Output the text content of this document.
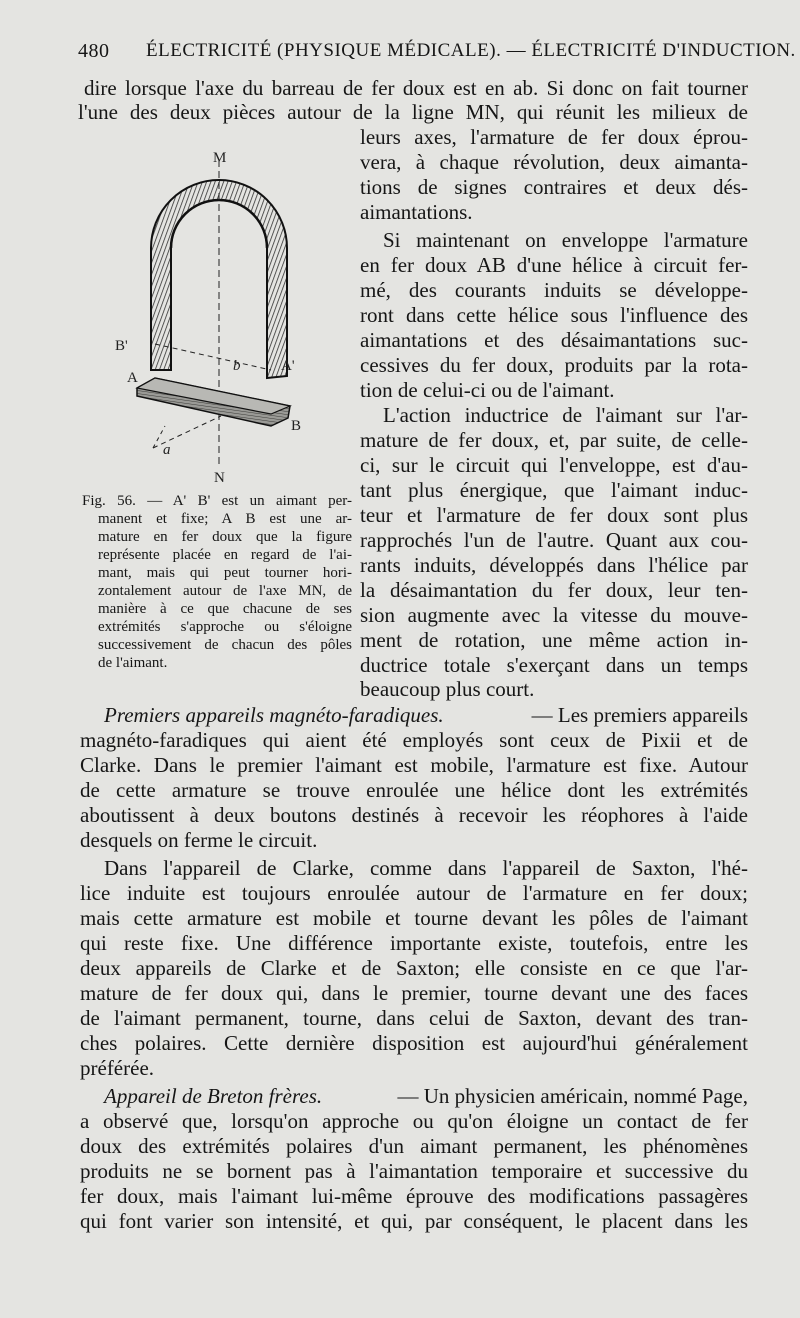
480 ÉLECTRICITÉ (PHYSIQUE MÉDICALE). — ÉLECTRICITÉ D'INDUCTION.
dire lorsque l'axe du barreau de fer doux est en ab. Si donc on fait tourner
l'une des deux pièces autour de la ligne MN, qui réunit les milieux de
leurs axes, l'armature de fer doux éprou-
vera, à chaque révolution, deux aimanta-
tions de signes contraires et deux dés-
aimantations.
Si maintenant on enveloppe l'armature
en fer doux AB d'une hélice à circuit fer-
mé, des courants induits se développe-
ront dans cette hélice sous l'influence des
aimantations et des désaimantations suc-
cessives du fer doux, produits par la rota-
tion de celui-ci ou de l'aimant.
L'action inductrice de l'aimant sur l'ar-
mature de fer doux, et, par suite, de celle-
ci, sur le circuit qui l'enveloppe, est d'au-
tant plus énergique, que l'aimant induc-
teur et l'armature de fer doux sont plus
rapprochés l'un de l'autre. Quant aux cou-
rants induits, développés dans l'hélice par
la désaimantation du fer doux, leur ten-
sion augmente avec la vitesse du mouve-
ment de rotation, une même action in-
ductrice totale s'exerçant dans un temps
beaucoup plus court.
M
N
B'
A'
A
B
a
b
Fig. 56. — A' B' est un aimant per-
manent et fixe; A B est une ar-
mature en fer doux que la figure
représente placée en regard de l'ai-
mant, mais qui peut tourner hori-
zontalement autour de l'axe MN, de
manière à ce que chacune de ses
extrémités s'approche ou s'éloigne
successivement de chacun des pôles
de l'aimant.
Premiers appareils magnéto-faradiques.	— Les premiers appareils
magnéto-faradiques qui aient été employés sont ceux de Pixii et de
Clarke. Dans le premier l'aimant est mobile, l'armature est fixe. Autour
de cette armature se trouve enroulée une hélice dont les extrémités
aboutissent à deux boutons destinés à recevoir les réophores à l'aide
desquels on ferme le circuit.
Dans l'appareil de Clarke, comme dans l'appareil de Saxton, l'hé-
lice induite est toujours enroulée autour de l'armature en fer doux;
mais cette armature est mobile et tourne devant les pôles de l'aimant
qui reste fixe. Une différence importante existe, toutefois, entre les
deux appareils de Clarke et de Saxton; elle consiste en ce que l'ar-
mature de fer doux qui, dans le premier, tourne devant une des faces
de l'aimant permanent, tourne, dans celui de Saxton, devant des tran-
ches polaires. Cette dernière disposition est aujourd'hui généralement
préférée.
Appareil de Breton frères.	— Un physicien américain, nommé Page,
a observé que, lorsqu'on approche ou qu'on éloigne un contact de fer
doux des extrémités polaires d'un aimant permanent, les phénomènes
produits ne se bornent pas à l'aimantation temporaire et successive du
fer doux, mais l'aimant lui-même éprouve des modifications passagères
qui font varier son intensité, et qui, par conséquent, le placent dans les
